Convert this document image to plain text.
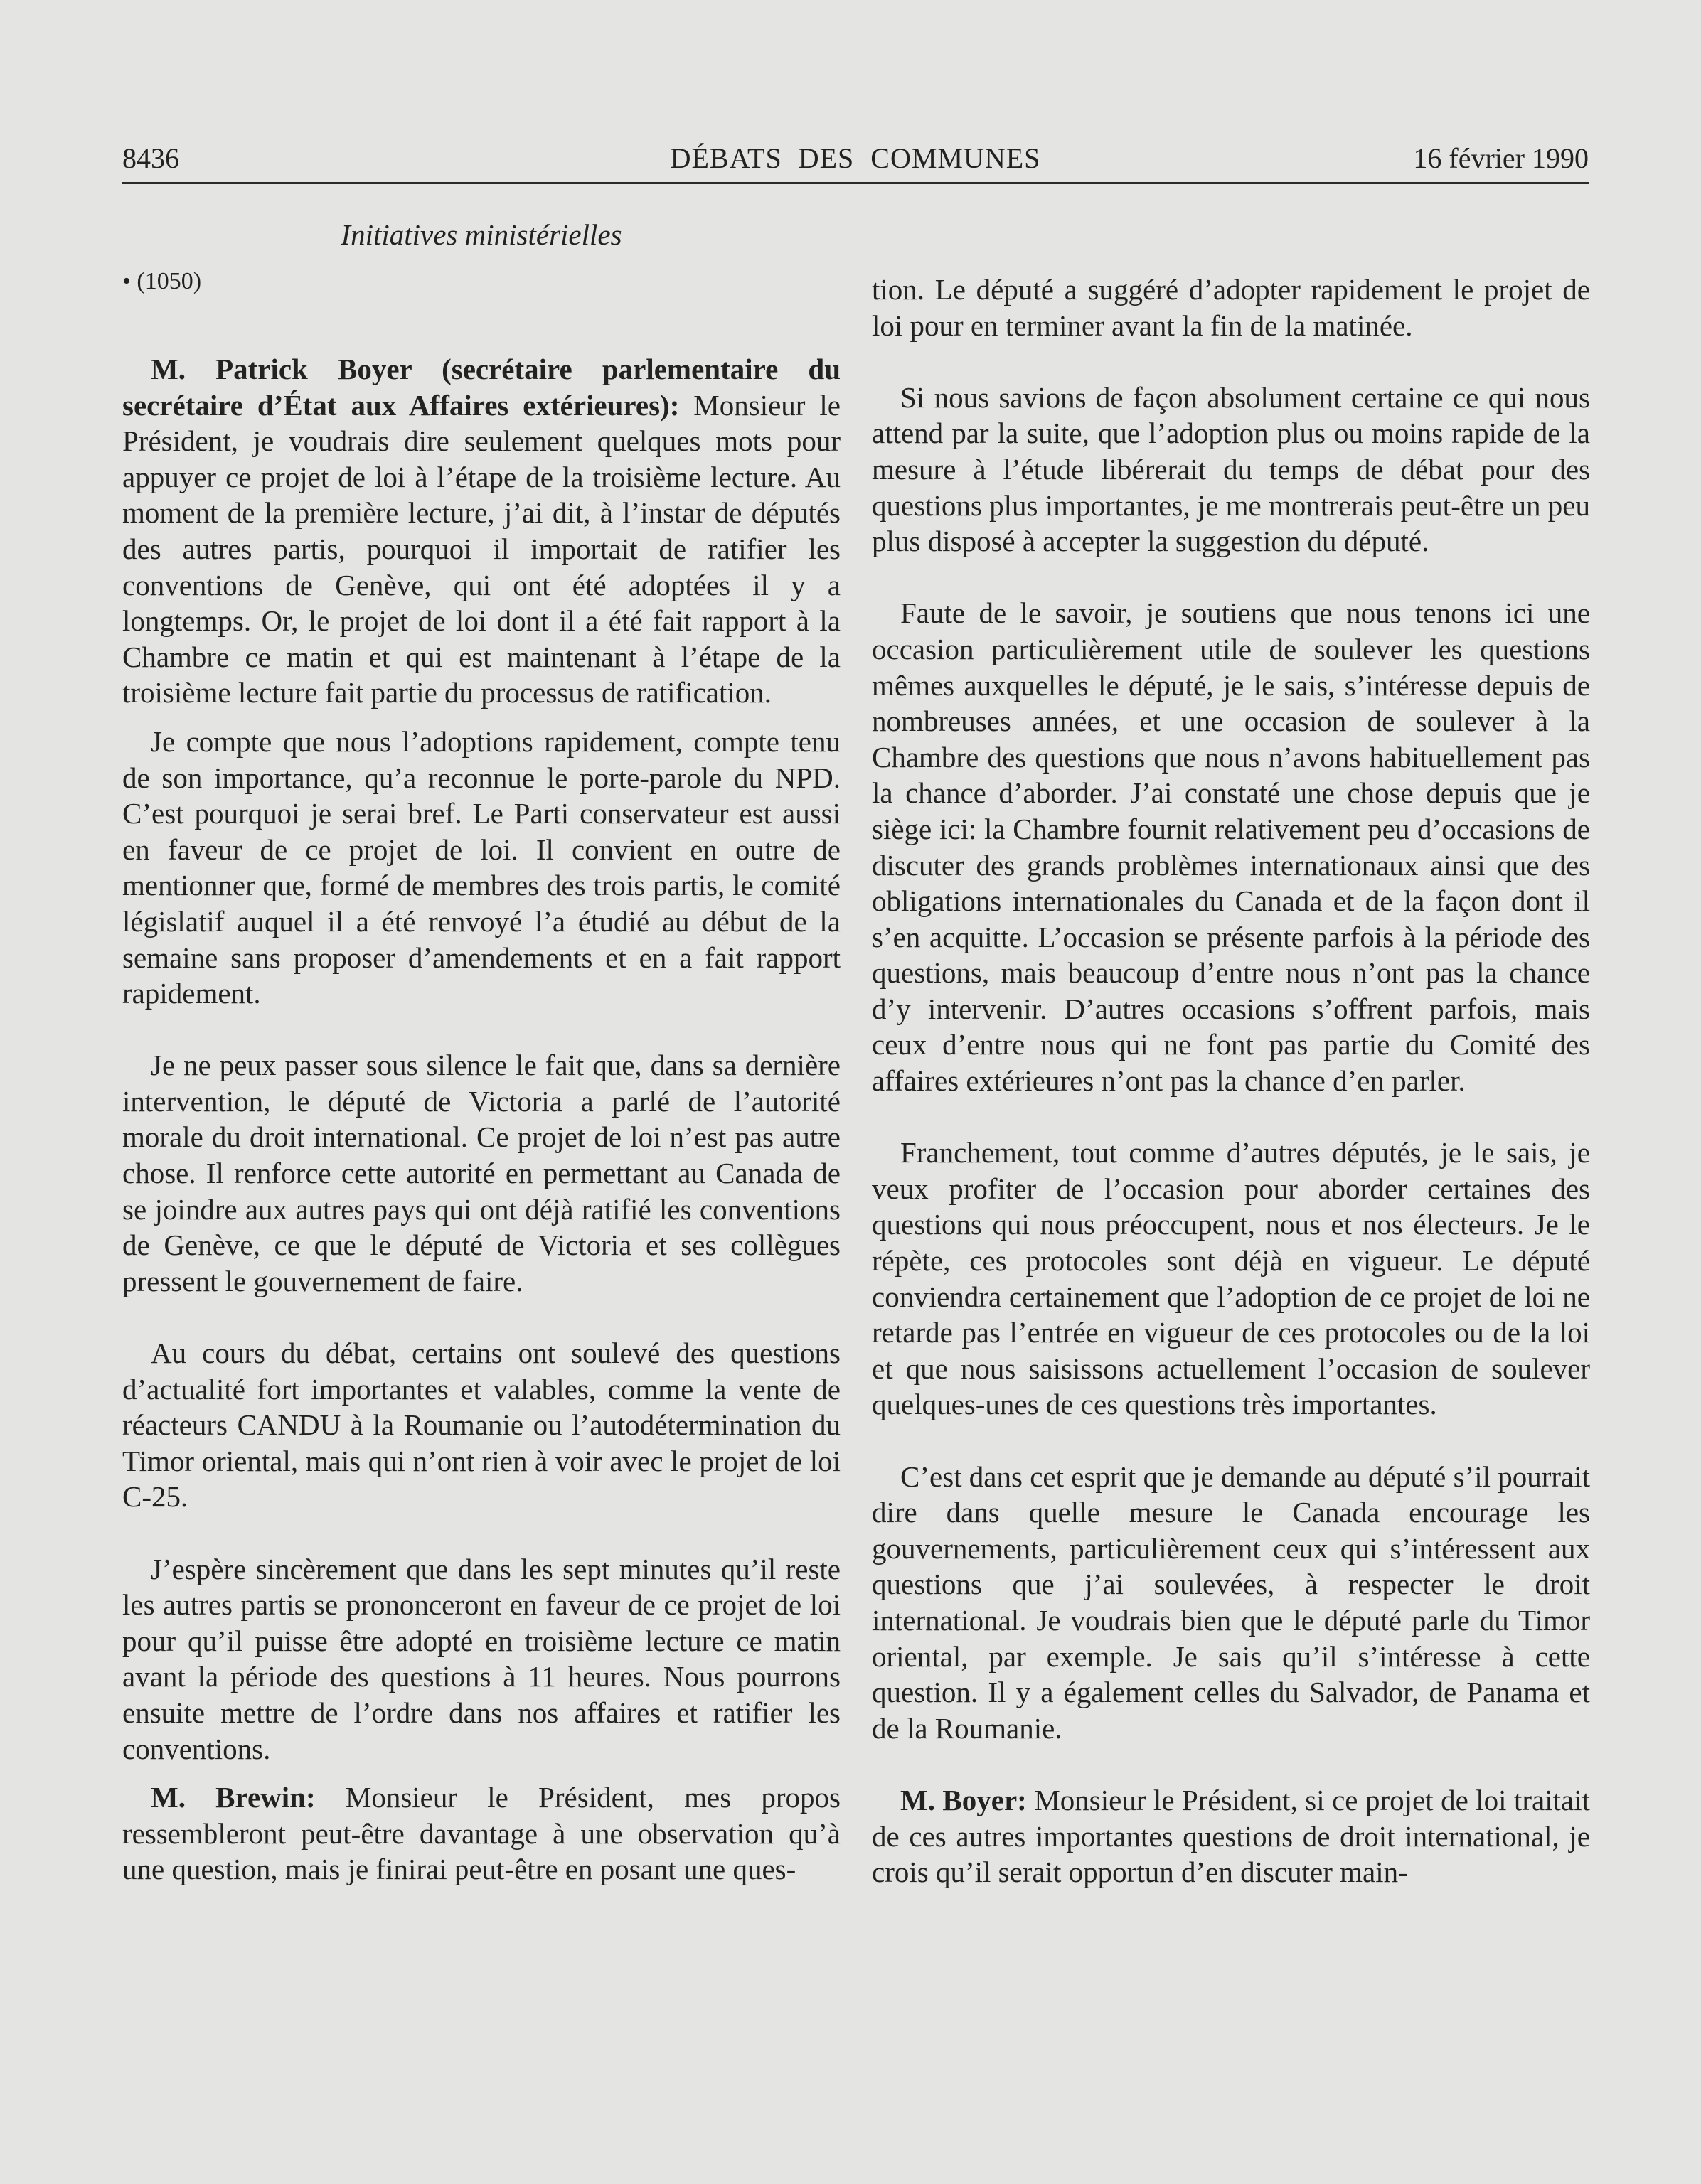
8436	DÉBATS DES COMMUNES	16 février 1990
Initiatives ministérielles
• (1050)

M. Patrick Boyer (secrétaire parlementaire du secrétaire d’État aux Affaires extérieures): Monsieur le Président, je voudrais dire seulement quelques mots pour appuyer ce projet de loi à l’étape de la troisième lecture. Au moment de la première lecture, j’ai dit, à l’instar de députés des autres partis, pourquoi il importait de ratifier les conventions de Genève, qui ont été adoptées il y a longtemps. Or, le projet de loi dont il a été fait rapport à la Chambre ce matin et qui est maintenant à l’étape de la troisième lecture fait partie du processus de ratification.

Je compte que nous l’adoptions rapidement, compte tenu de son importance, qu’a reconnue le porte-parole du NPD. C’est pourquoi je serai bref. Le Parti conservateur est aussi en faveur de ce projet de loi. Il convient en outre de mentionner que, formé de membres des trois partis, le comité législatif auquel il a été renvoyé l’a étudié au début de la semaine sans proposer d’amendements et en a fait rapport rapidement.

Je ne peux passer sous silence le fait que, dans sa dernière intervention, le député de Victoria a parlé de l’autorité morale du droit international. Ce projet de loi n’est pas autre chose. Il renforce cette autorité en permettant au Canada de se joindre aux autres pays qui ont déjà ratifié les conventions de Genève, ce que le député de Victoria et ses collègues pressent le gouvernement de faire.

Au cours du débat, certains ont soulevé des questions d’actualité fort importantes et valables, comme la vente de réacteurs CANDU à la Roumanie ou l’autodétermination du Timor oriental, mais qui n’ont rien à voir avec le projet de loi C-25.

J’espère sincèrement que dans les sept minutes qu’il reste les autres partis se prononceront en faveur de ce projet de loi pour qu’il puisse être adopté en troisième lecture ce matin avant la période des questions à 11 heures. Nous pourrons ensuite mettre de l’ordre dans nos affaires et ratifier les conventions.

M. Brewin: Monsieur le Président, mes propos ressembleront peut-être davantage à une observation qu’à une question, mais je finirai peut-être en posant une ques-

tion. Le député a suggéré d’adopter rapidement le projet de loi pour en terminer avant la fin de la matinée.

Si nous savions de façon absolument certaine ce qui nous attend par la suite, que l’adoption plus ou moins rapide de la mesure à l’étude libérerait du temps de débat pour des questions plus importantes, je me montrerais peut-être un peu plus disposé à accepter la suggestion du député.

Faute de le savoir, je soutiens que nous tenons ici une occasion particulièrement utile de soulever les questions mêmes auxquelles le député, je le sais, s’intéresse depuis de nombreuses années, et une occasion de soulever à la Chambre des questions que nous n’avons habituellement pas la chance d’aborder. J’ai constaté une chose depuis que je siège ici: la Chambre fournit relativement peu d’occasions de discuter des grands problèmes internationaux ainsi que des obligations internationales du Canada et de la façon dont il s’en acquitte. L’occasion se présente parfois à la période des questions, mais beaucoup d’entre nous n’ont pas la chance d’y intervenir. D’autres occasions s’offrent parfois, mais ceux d’entre nous qui ne font pas partie du Comité des affaires extérieures n’ont pas la chance d’en parler.

Franchement, tout comme d’autres députés, je le sais, je veux profiter de l’occasion pour aborder certaines des questions qui nous préoccupent, nous et nos électeurs. Je le répète, ces protocoles sont déjà en vigueur. Le député conviendra certainement que l’adoption de ce projet de loi ne retarde pas l’entrée en vigueur de ces protocoles ou de la loi et que nous saisissons actuellement l’occasion de soulever quelques-unes de ces questions très importantes.

C’est dans cet esprit que je demande au député s’il pourrait dire dans quelle mesure le Canada encourage les gouvernements, particulièrement ceux qui s’intéressent aux questions que j’ai soulevées, à respecter le droit international. Je voudrais bien que le député parle du Timor oriental, par exemple. Je sais qu’il s’intéresse à cette question. Il y a également celles du Salvador, de Panama et de la Roumanie.

M. Boyer: Monsieur le Président, si ce projet de loi traitait de ces autres importantes questions de droit international, je crois qu’il serait opportun d’en discuter main-
